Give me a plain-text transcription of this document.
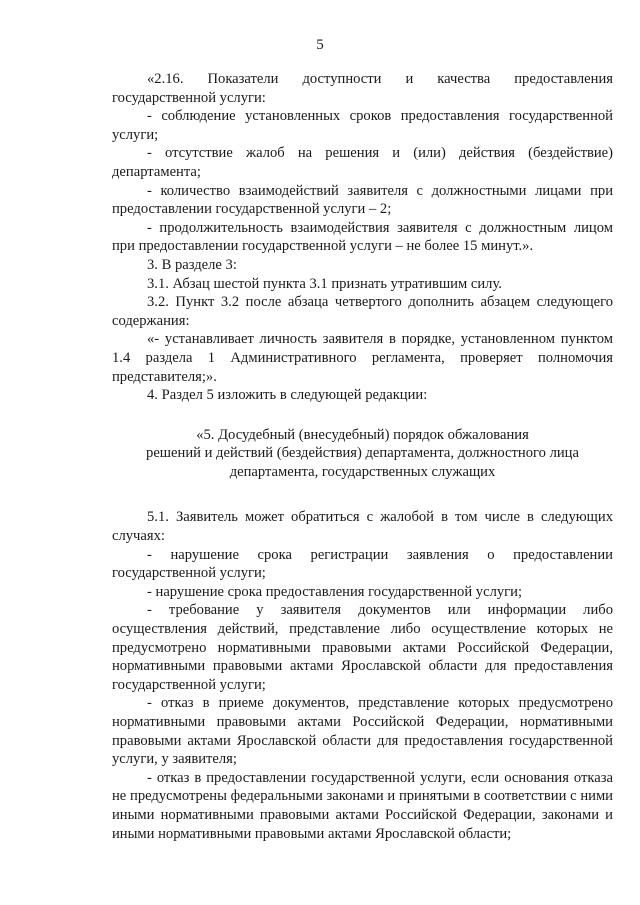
5

«2.16. Показатели доступности и качества предоставления государственной услуги:

- соблюдение установленных сроков предоставления государственной услуги;

- отсутствие жалоб на решения и (или) действия (бездействие) департамента;

- количество взаимодействий заявителя с должностными лицами при предоставлении государственной услуги – 2;

- продолжительность взаимодействия заявителя с должностным лицом при предоставлении государственной услуги – не более 15 минут.».

3. В разделе 3:

3.1. Абзац шестой пункта 3.1 признать утратившим силу.

3.2. Пункт 3.2 после абзаца четвертого дополнить абзацем следующего содержания:

«- устанавливает личность заявителя в порядке, установленном пунктом 1.4 раздела 1 Административного регламента, проверяет полномочия представителя;».

4. Раздел 5 изложить в следующей редакции:

«5. Досудебный (внесудебный) порядок обжалования
решений и действий (бездействия) департамента, должностного лица
департамента, государственных служащих

5.1. Заявитель может обратиться с жалобой в том числе в следующих случаях:

- нарушение срока регистрации заявления о предоставлении государственной услуги;

- нарушение срока предоставления государственной услуги;

- требование у заявителя документов или информации либо осуществления действий, представление либо осуществление которых не предусмотрено нормативными правовыми актами Российской Федерации, нормативными правовыми актами Ярославской области для предоставления государственной услуги;

- отказ в приеме документов, представление которых предусмотрено нормативными правовыми актами Российской Федерации, нормативными правовыми актами Ярославской области для предоставления государственной услуги, у заявителя;

- отказ в предоставлении государственной услуги, если основания отказа не предусмотрены федеральными законами и принятыми в соответствии с ними иными нормативными правовыми актами Российской Федерации, законами и иными нормативными правовыми актами Ярославской области;
